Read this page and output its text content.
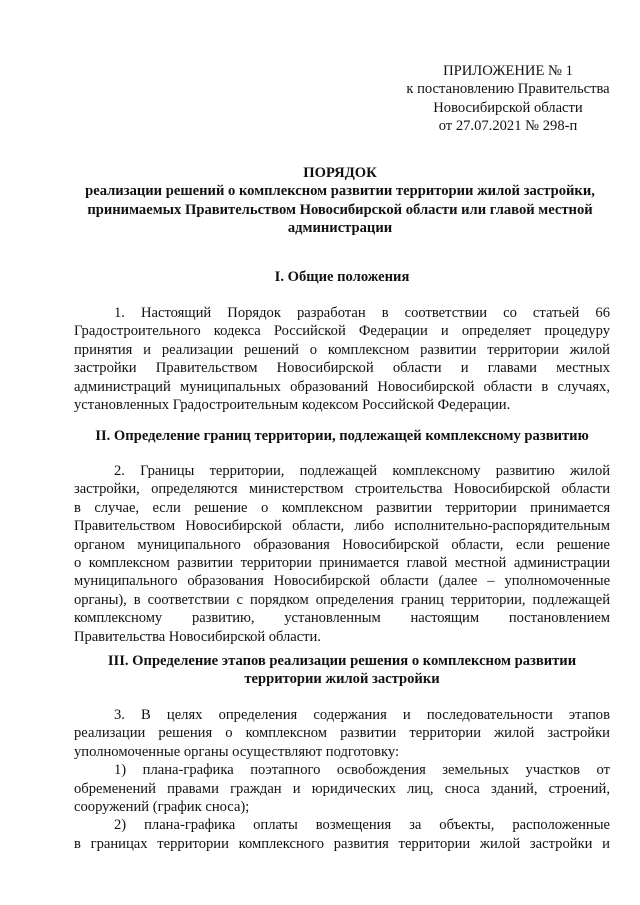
ПРИЛОЖЕНИЕ № 1
к постановлению Правительства
Новосибирской области
от 27.07.2021 № 298-п
ПОРЯДОК
реализации решений о комплексном развитии территории жилой застройки,
принимаемых Правительством Новосибирской области или главой местной
администрации
I. Общие положения
1. Настоящий Порядок разработан в соответствии со статьей 66
Градостроительного кодекса Российской Федерации и определяет процедуру
принятия и реализации решений о комплексном развитии территории жилой
застройки Правительством Новосибирской области и главами местных
администраций муниципальных образований Новосибирской области в случаях,
установленных Градостроительным кодексом Российской Федерации.
II. Определение границ территории, подлежащей комплексному развитию
2. Границы территории, подлежащей комплексному развитию жилой
застройки, определяются министерством строительства Новосибирской области
в случае, если решение о комплексном развитии территории принимается
Правительством Новосибирской области, либо исполнительно-распорядительным
органом муниципального образования Новосибирской области, если решение
о комплексном развитии территории принимается главой местной администрации
муниципального образования Новосибирской области (далее – уполномоченные
органы), в соответствии с порядком определения границ территории, подлежащей
комплексному развитию, установленным настоящим постановлением
Правительства Новосибирской области.
III. Определение этапов реализации решения о комплексном развитии
территории жилой застройки
3. В целях определения содержания и последовательности этапов
реализации решения о комплексном развитии территории жилой застройки
уполномоченные органы осуществляют подготовку:
1) плана-графика поэтапного освобождения земельных участков от
обременений правами граждан и юридических лиц, сноса зданий, строений,
сооружений (график сноса);
2) плана-графика оплаты возмещения за объекты, расположенные
в границах территории комплексного развития территории жилой застройки и
